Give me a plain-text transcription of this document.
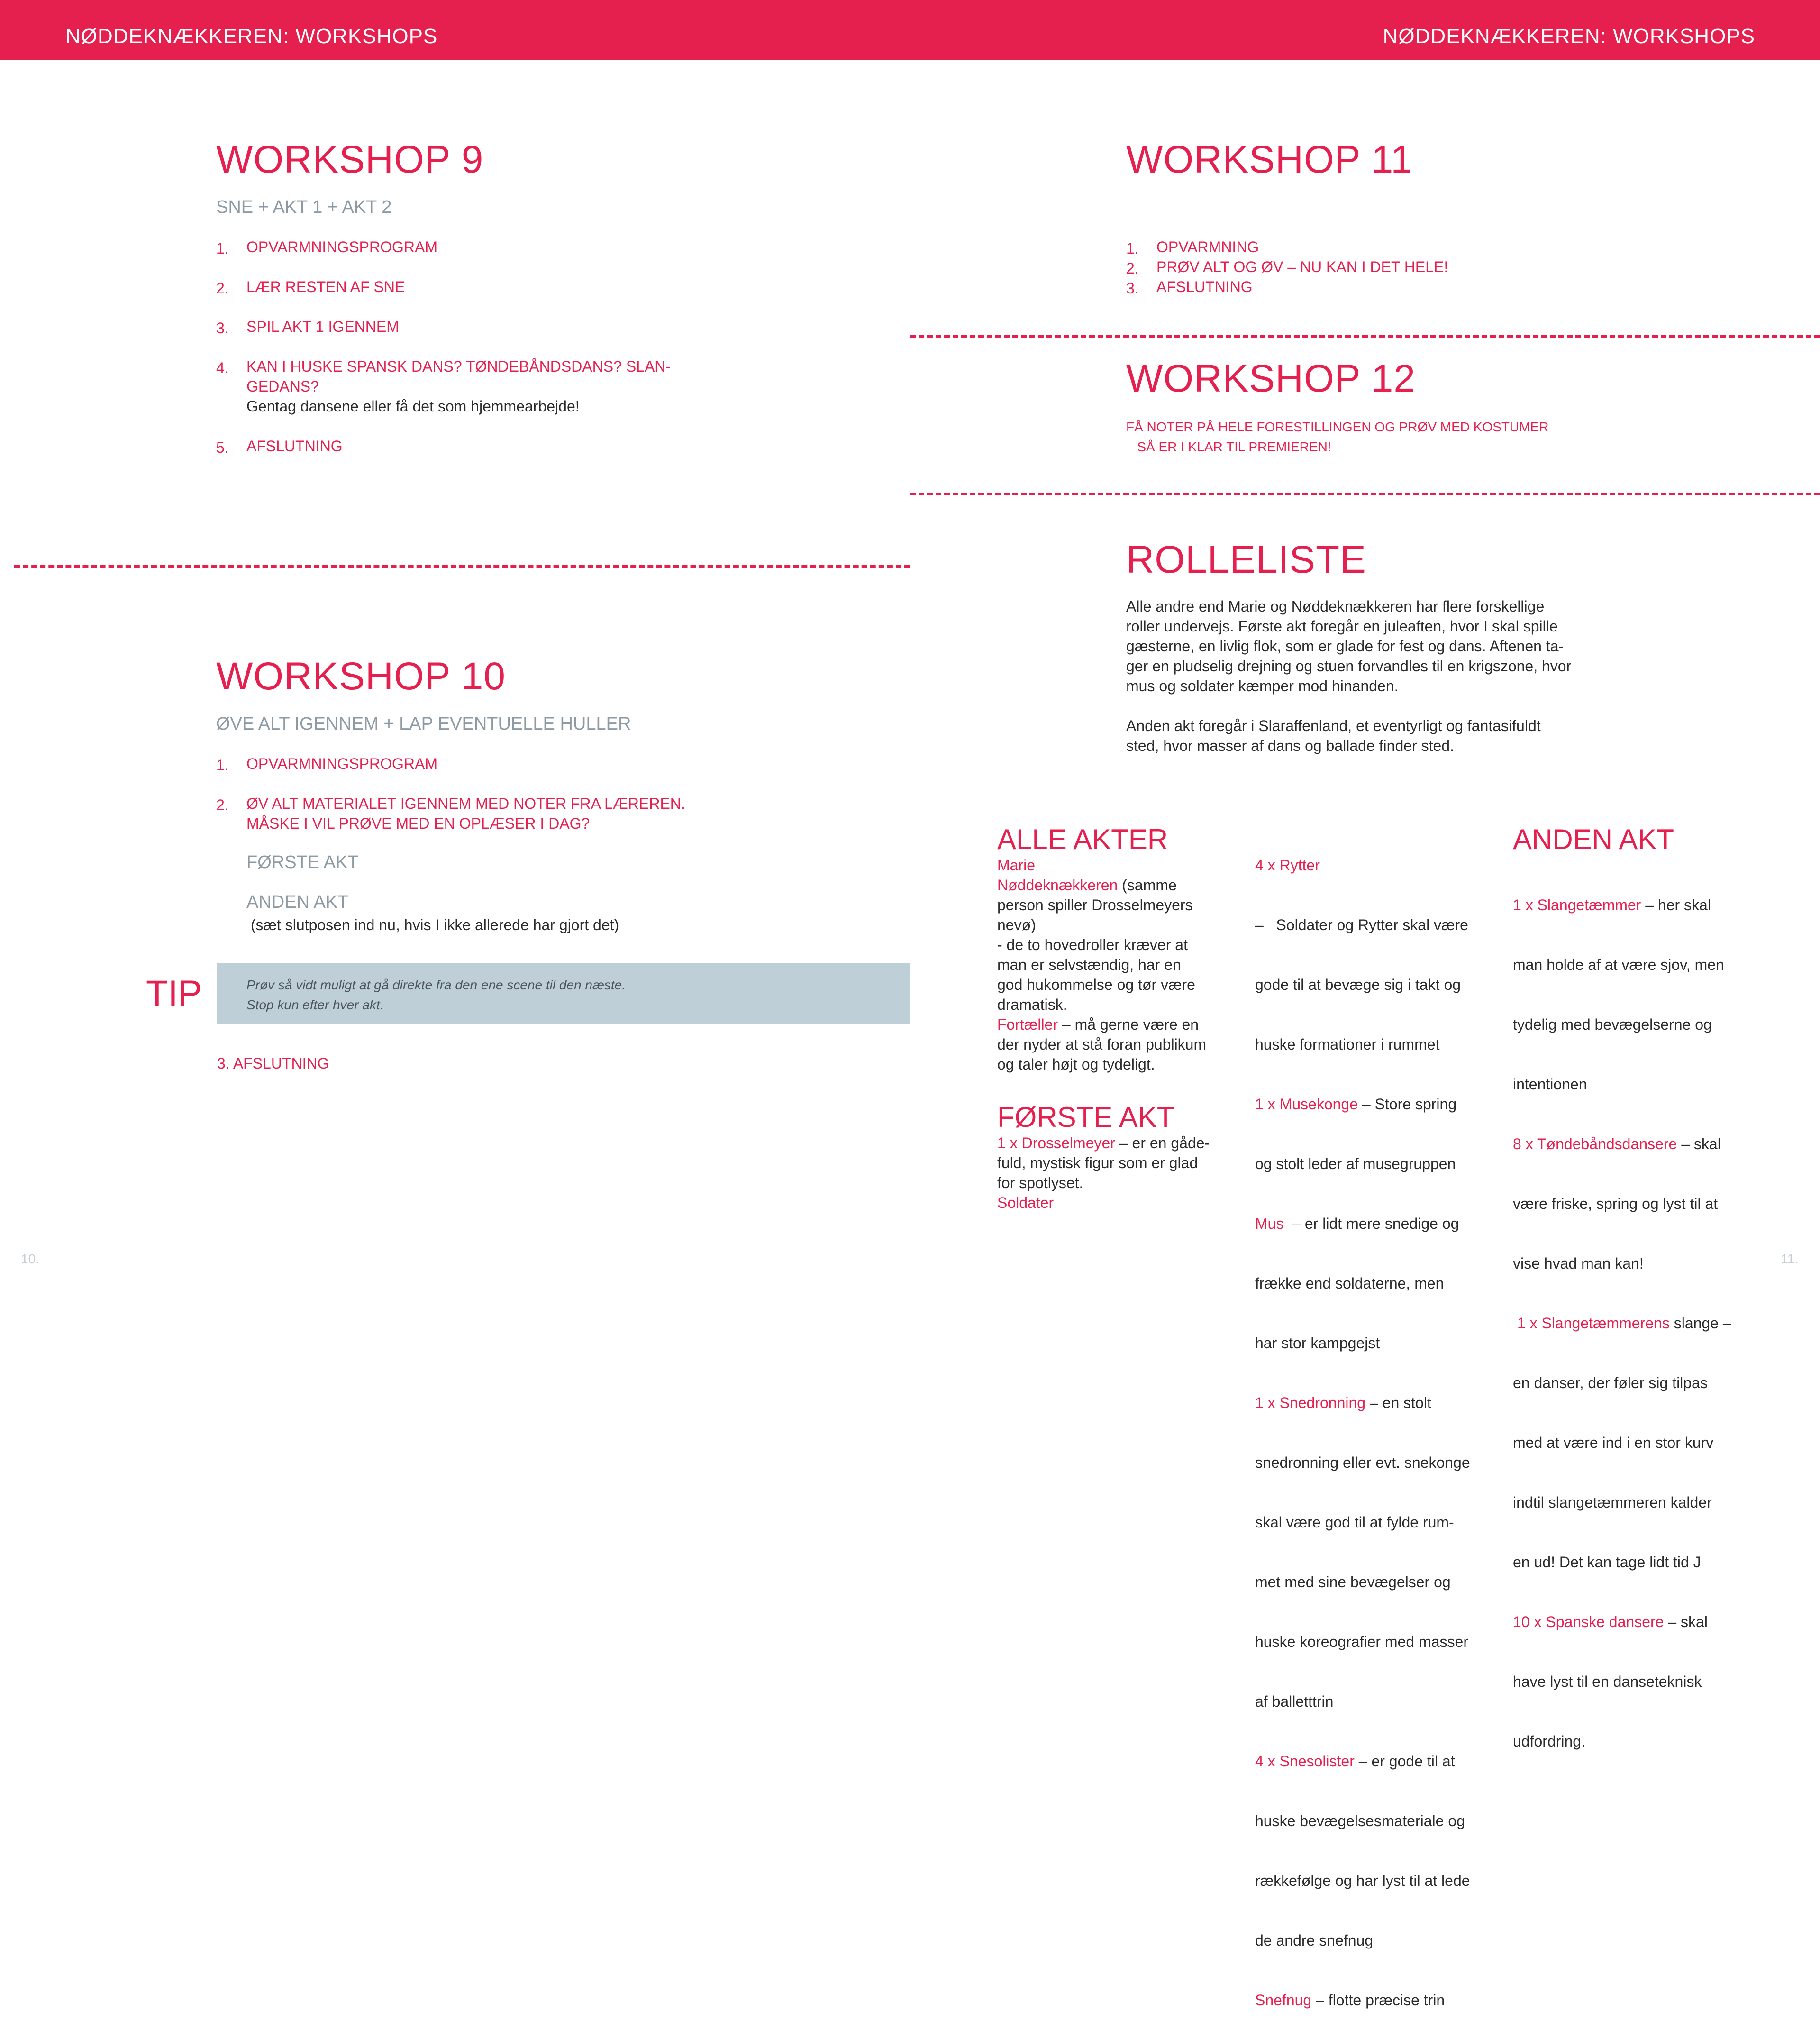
NØDDEKNÆKKEREN: WORKSHOPS	NØDDEKNÆKKEREN: WORKSHOPS
WORKSHOP 9
SNE + AKT 1 + AKT 2
1. OPVARMNINGSPROGRAM
2. LÆR RESTEN AF SNE
3. SPIL AKT 1 IGENNEM
4. KAN I HUSKE SPANSK DANS? TØNDEBÅNDSDANS? SLAN-
GEDANS?
Gentag dansene eller få det som hjemmearbejde!
5. AFSLUTNING
WORKSHOP 10
ØVE ALT IGENNEM + LAP EVENTUELLE HULLER
1. OPVARMNINGSPROGRAM
2. ØV ALT MATERIALET IGENNEM MED NOTER FRA LÆREREN.
MÅSKE I VIL PRØVE MED EN OPLÆSER I DAG?
FØRSTE AKT
ANDEN AKT
(sæt slutposen ind nu, hvis I ikke allerede har gjort det)
TIP	Prøv så vidt muligt at gå direkte fra den ene scene til den næste.
Stop kun efter hver akt.
3. AFSLUTNING
WORKSHOP 11
1. OPVARMNING
2. PRØV ALT OG ØV – NU KAN I DET HELE!
3. AFSLUTNING
WORKSHOP 12
FÅ NOTER PÅ HELE FORESTILLINGEN OG PRØV MED KOSTUMER
– SÅ ER I KLAR TIL PREMIEREN!
ROLLELISTE

Alle andre end Marie og Nøddeknækkeren har flere forskellige

roller undervejs. Første akt foregår en juleaften, hvor I skal spille

gæsterne, en livlig flok, som er glade for fest og dans. Aftenen ta-

ger en pludselig drejning og stuen forvandles til en krigszone, hvor

mus og soldater kæmper mod hinanden.

Anden akt foregår i Slaraffenland, et eventyrligt og fantasifuldt

sted, hvor masser af dans og ballade finder sted.

ALLE AKTER

Marie

Nøddeknækkeren (samme

person spiller Drosselmeyers

nevø)

- de to hovedroller kræver at

man er selvstændig, har en

god hukommelse og tør være

dramatisk.

Fortæller – må gerne være en

der nyder at stå foran publikum

og taler højt og tydeligt.

FØRSTE AKT

1 x Drosselmeyer – er en gåde-

fuld, mystisk figur som er glad

for spotlyset.

Soldater

4 x Rytter

–   Soldater og Rytter skal være

gode til at bevæge sig i takt og

huske formationer i rummet

1 x Musekonge – Store spring

og stolt leder af musegruppen

Mus  – er lidt mere snedige og

frække end soldaterne, men

har stor kampgejst

1 x Snedronning – en stolt

snedronning eller evt. snekonge

skal være god til at fylde rum-

met med sine bevægelser og

huske koreografier med masser

af balletttrin

4 x Snesolister – er gode til at

huske bevægelsesmateriale og

rækkefølge og har lyst til at lede

de andre snefnug

Snefnug – flotte præcise trin

ANDEN AKT

1 x Slangetæmmer – her skal

man holde af at være sjov, men

tydelig med bevægelserne og

intentionen

8 x Tøndebåndsdansere – skal

være friske, spring og lyst til at

vise hvad man kan!

1 x Slangetæmmerens slange –

en danser, der føler sig tilpas

med at være ind i en stor kurv

indtil slangetæmmeren kalder

en ud! Det kan tage lidt tid J

10 x Spanske dansere – skal

have lyst til en danseteknisk

udfordring.

10.	11.
